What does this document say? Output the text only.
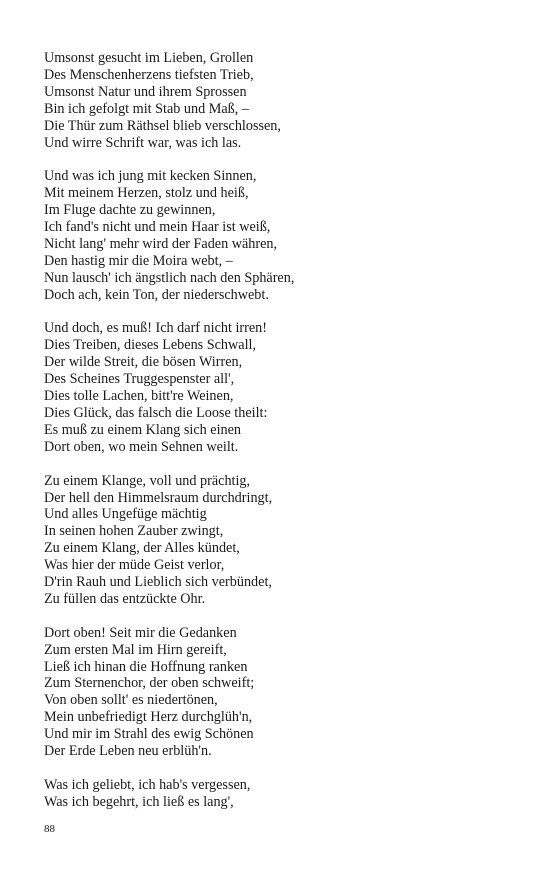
Umsonst gesucht im Lieben, Grollen
Des Menschenherzens tiefsten Trieb,
Umsonst Natur und ihrem Sprossen
Bin ich gefolgt mit Stab und Maß, –
Die Thür zum Räthsel blieb verschlossen,
Und wirre Schrift war, was ich las.
Und was ich jung mit kecken Sinnen,
Mit meinem Herzen, stolz und heiß,
Im Fluge dachte zu gewinnen,
Ich fand's nicht und mein Haar ist weiß,
Nicht lang' mehr wird der Faden währen,
Den hastig mir die Moira webt, –
Nun lausch' ich ängstlich nach den Sphären,
Doch ach, kein Ton, der niederschwebt.
Und doch, es muß! Ich darf nicht irren!
Dies Treiben, dieses Lebens Schwall,
Der wilde Streit, die bösen Wirren,
Des Scheines Truggespenster all',
Dies tolle Lachen, bitt're Weinen,
Dies Glück, das falsch die Loose theilt:
Es muß zu einem Klang sich einen
Dort oben, wo mein Sehnen weilt.
Zu einem Klange, voll und prächtig,
Der hell den Himmelsraum durchdringt,
Und alles Ungefüge mächtig
In seinen hohen Zauber zwingt,
Zu einem Klang, der Alles kündet,
Was hier der müde Geist verlor,
D'rin Rauh und Lieblich sich verbündet,
Zu füllen das entzückte Ohr.
Dort oben! Seit mir die Gedanken
Zum ersten Mal im Hirn gereift,
Ließ ich hinan die Hoffnung ranken
Zum Sternenchor, der oben schweift;
Von oben sollt' es niedertönen,
Mein unbefriedigt Herz durchglüh'n,
Und mir im Strahl des ewig Schönen
Der Erde Leben neu erblüh'n.
Was ich geliebt, ich hab's vergessen,
Was ich begehrt, ich ließ es lang',
88
